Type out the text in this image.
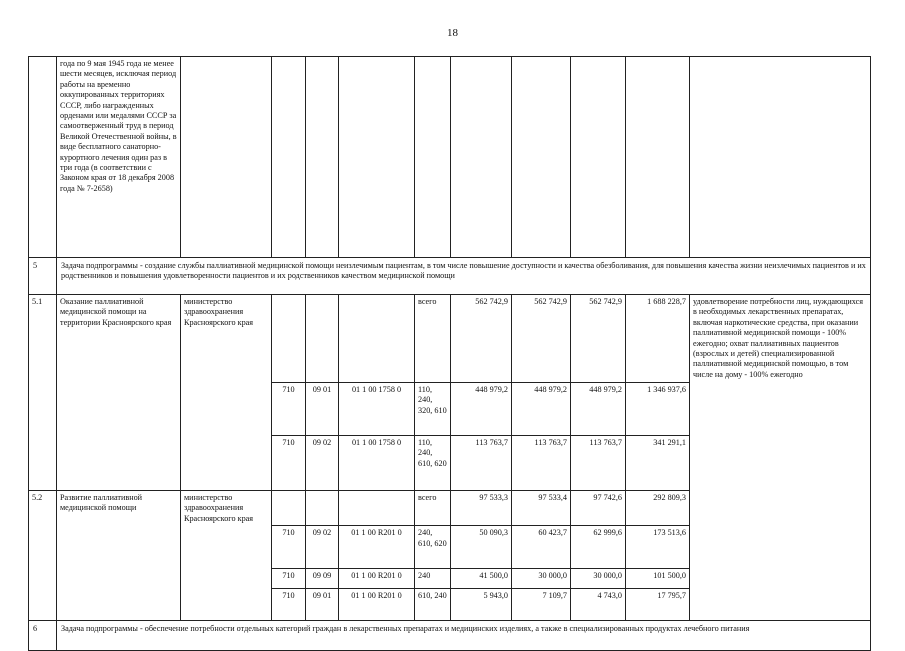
18
	года по 9 мая 1945 года не менее шести месяцев, исключая период работы на временно оккупированных территориях СССР, либо награжденных орденами или медалями СССР за самоотверженный труд в период Великой Отечественной войны, в виде бесплатного санаторно-курортного лечения один раз в три года (в соответствии с Законом края от 18 декабря 2008 года № 7-2658)										
5	Задача подпрограммы - создание службы паллиативной медицинской помощи неизлечимым пациентам, в том числе повышение доступности и качества обезболивания, для повышения качества жизни неизлечимых пациентов и их родственников и повышения удовлетворенности пациентов и их родственников качеством медицинской помощи										
5.1	Оказание паллиативной медицинской помощи на территории Красноярского края	министерство здравоохранения Красноярского края				всего	562 742,9	562 742,9	562 742,9	1 688 228,7	удовлетворение потребности лиц, нуждающихся в необходимых лекарственных препаратах, включая наркотические средства, при оказании паллиативной медицинской помощи - 100% ежегодно; охват паллиативных пациентов (взрослых и детей) специализированной паллиативной медицинской помощью, в том числе на дому - 100% ежегодно
			710	09 01	01 1 00 1758 0	110, 240, 320, 610	448 979,2	448 979,2	448 979,2	1 346 937,6	
			710	09 02	01 1 00 1758 0	110, 240, 610, 620	113 763,7	113 763,7	113 763,7	341 291,1	
5.2	Развитие паллиативной медицинской помощи	министерство здравоохранения Красноярского края				всего	97 533,3	97 533,4	97 742,6	292 809,3	
			710	09 02	01 1 00 R201 0	240, 610, 620	50 090,3	60 423,7	62 999,6	173 513,6	
			710	09 09	01 1 00 R201 0	240	41 500,0	30 000,0	30 000,0	101 500,0	
			710	09 01	01 1 00 R201 0	610, 240	5 943,0	7 109,7	4 743,0	17 795,7	
6	Задача подпрограммы - обеспечение потребности отдельных категорий граждан в лекарственных препаратах и медицинских изделиях, а также в специализированных продуктах лечебного питания										
